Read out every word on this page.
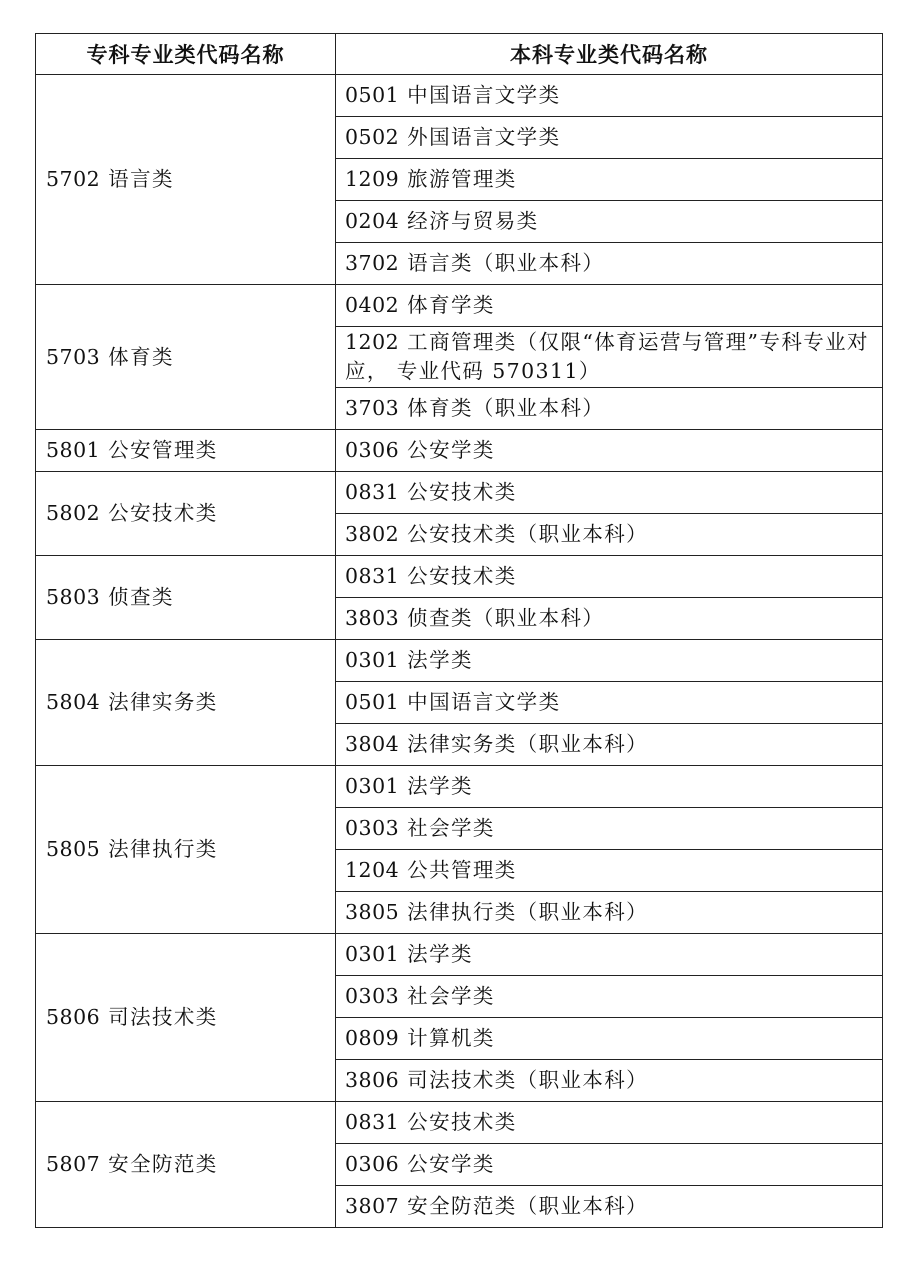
专科专业类代码名称	本科专业类代码名称
5702 语言类	0501 中国语言文学类
	0502 外国语言文学类
	1209 旅游管理类
	0204 经济与贸易类
	3702 语言类（职业本科）
5703 体育类	0402 体育学类
	1202 工商管理类（仅限“体育运营与管理”专科专业对应， 专业代码 570311）
	3703 体育类（职业本科）
5801 公安管理类	0306 公安学类
5802 公安技术类	0831 公安技术类
	3802 公安技术类（职业本科）
5803 侦查类	0831 公安技术类
	3803 侦查类（职业本科）
5804 法律实务类	0301 法学类
	0501 中国语言文学类
	3804 法律实务类（职业本科）
5805 法律执行类	0301 法学类
	0303 社会学类
	1204 公共管理类
	3805 法律执行类（职业本科）
5806 司法技术类	0301 法学类
	0303 社会学类
	0809 计算机类
	3806 司法技术类（职业本科）
5807 安全防范类	0831 公安技术类
	0306 公安学类
	3807 安全防范类（职业本科）
